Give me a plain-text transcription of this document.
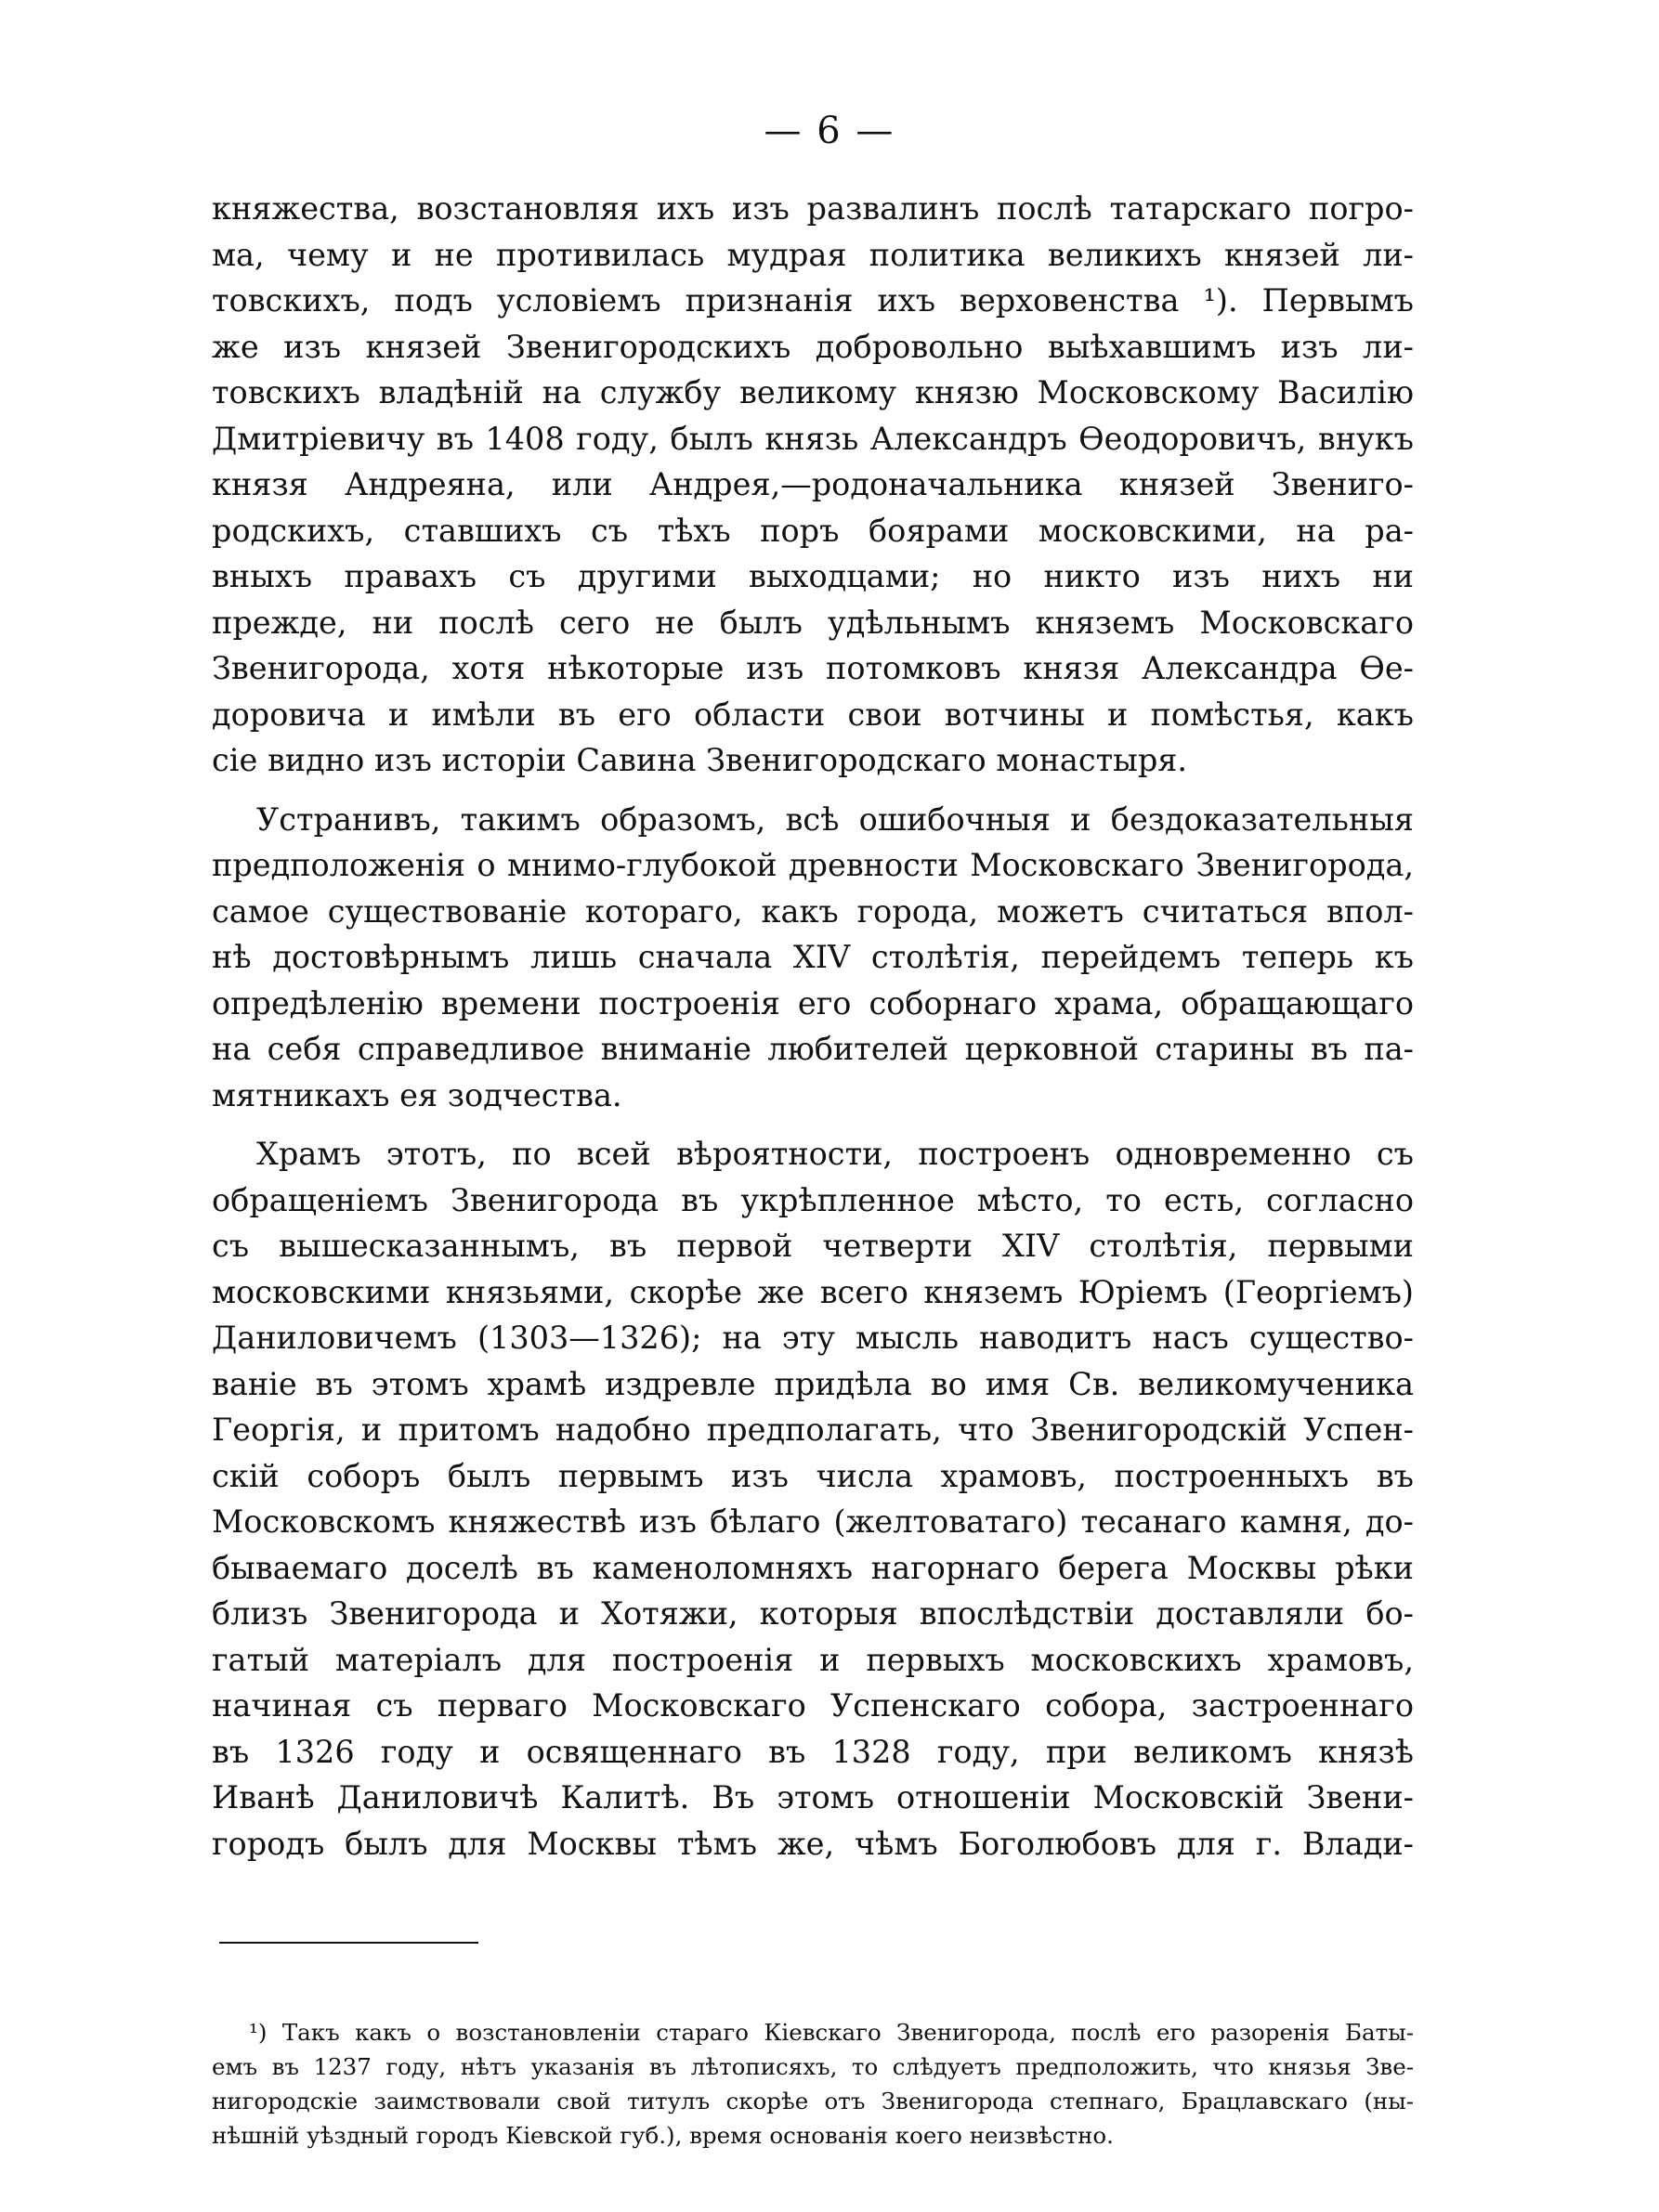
— 6 —
княжества, возстановляя ихъ изъ развалинъ послѣ татарскаго погро-
ма, чему и не противилась мудрая политика великихъ князей ли-
товскихъ, подъ условіемъ признанія ихъ верховенства ¹). Первымъ
же изъ князей Звенигородскихъ добровольно выѣхавшимъ изъ ли-
товскихъ владѣній на службу великому князю Московскому Василію
Дмитріевичу въ 1408 году, былъ князь Александръ Ѳеодоровичъ, внукъ
князя Андреяна, или Андрея,—родоначальника князей Звениго-
родскихъ, ставшихъ съ тѣхъ поръ боярами московскими, на ра-
вныхъ правахъ съ другими выходцами; но никто изъ нихъ ни
прежде, ни послѣ сего не былъ удѣльнымъ княземъ Московскаго
Звенигорода, хотя нѣкоторые изъ потомковъ князя Александра Ѳе-
доровича и имѣли въ его области свои вотчины и помѣстья, какъ
сіе видно изъ исторіи Савина Звенигородскаго монастыря.
Устранивъ, такимъ образомъ, всѣ ошибочныя и бездоказательныя
предположенія о мнимо-глубокой древности Московскаго Звенигорода,
самое существованіе котораго, какъ города, можетъ считаться впол-
нѣ достовѣрнымъ лишь сначала XIV столѣтія, перейдемъ теперь къ
опредѣленію времени построенія его соборнаго храма, обращающаго
на себя справедливое вниманіе любителей церковной старины въ па-
мятникахъ ея зодчества.
Храмъ этотъ, по всей вѣроятности, построенъ одновременно съ
обращеніемъ Звенигорода въ укрѣпленное мѣсто, то есть, согласно
съ вышесказаннымъ, въ первой четверти XIV столѣтія, первыми
московскими князьями, скорѣе же всего княземъ Юріемъ (Георгіемъ)
Даниловичемъ (1303—1326); на эту мысль наводитъ насъ существо-
ваніе въ этомъ храмѣ издревле придѣла во имя Св. великомученика
Георгія, и притомъ надобно предполагать, что Звенигородскій Успен-
скій соборъ былъ первымъ изъ числа храмовъ, построенныхъ въ
Московскомъ княжествѣ изъ бѣлаго (желтоватаго) тесанаго камня, до-
бываемаго доселѣ въ каменоломняхъ нагорнаго берега Москвы рѣки
близъ Звенигорода и Хотяжи, которыя впослѣдствіи доставляли бо-
гатый матеріалъ для построенія и первыхъ московскихъ храмовъ,
начиная съ перваго Московскаго Успенскаго собора, застроеннаго
въ 1326 году и освященнаго въ 1328 году, при великомъ князѣ
Иванѣ Даниловичѣ Калитѣ. Въ этомъ отношеніи Московскій Звени-
городъ былъ для Москвы тѣмъ же, чѣмъ Боголюбовъ для г. Влади-
¹) Такъ какъ о возстановленіи стараго Кіевскаго Звенигорода, послѣ его разоренія Баты-
емъ въ 1237 году, нѣтъ указанія въ лѣтописяхъ, то слѣдуетъ предположить, что князья Зве-
нигородскіе заимствовали свой титулъ скорѣе отъ Звенигорода степнаго, Брацлавскаго (ны-
нѣшній уѣздный городъ Кіевской губ.), время основанія коего неизвѣстно.
